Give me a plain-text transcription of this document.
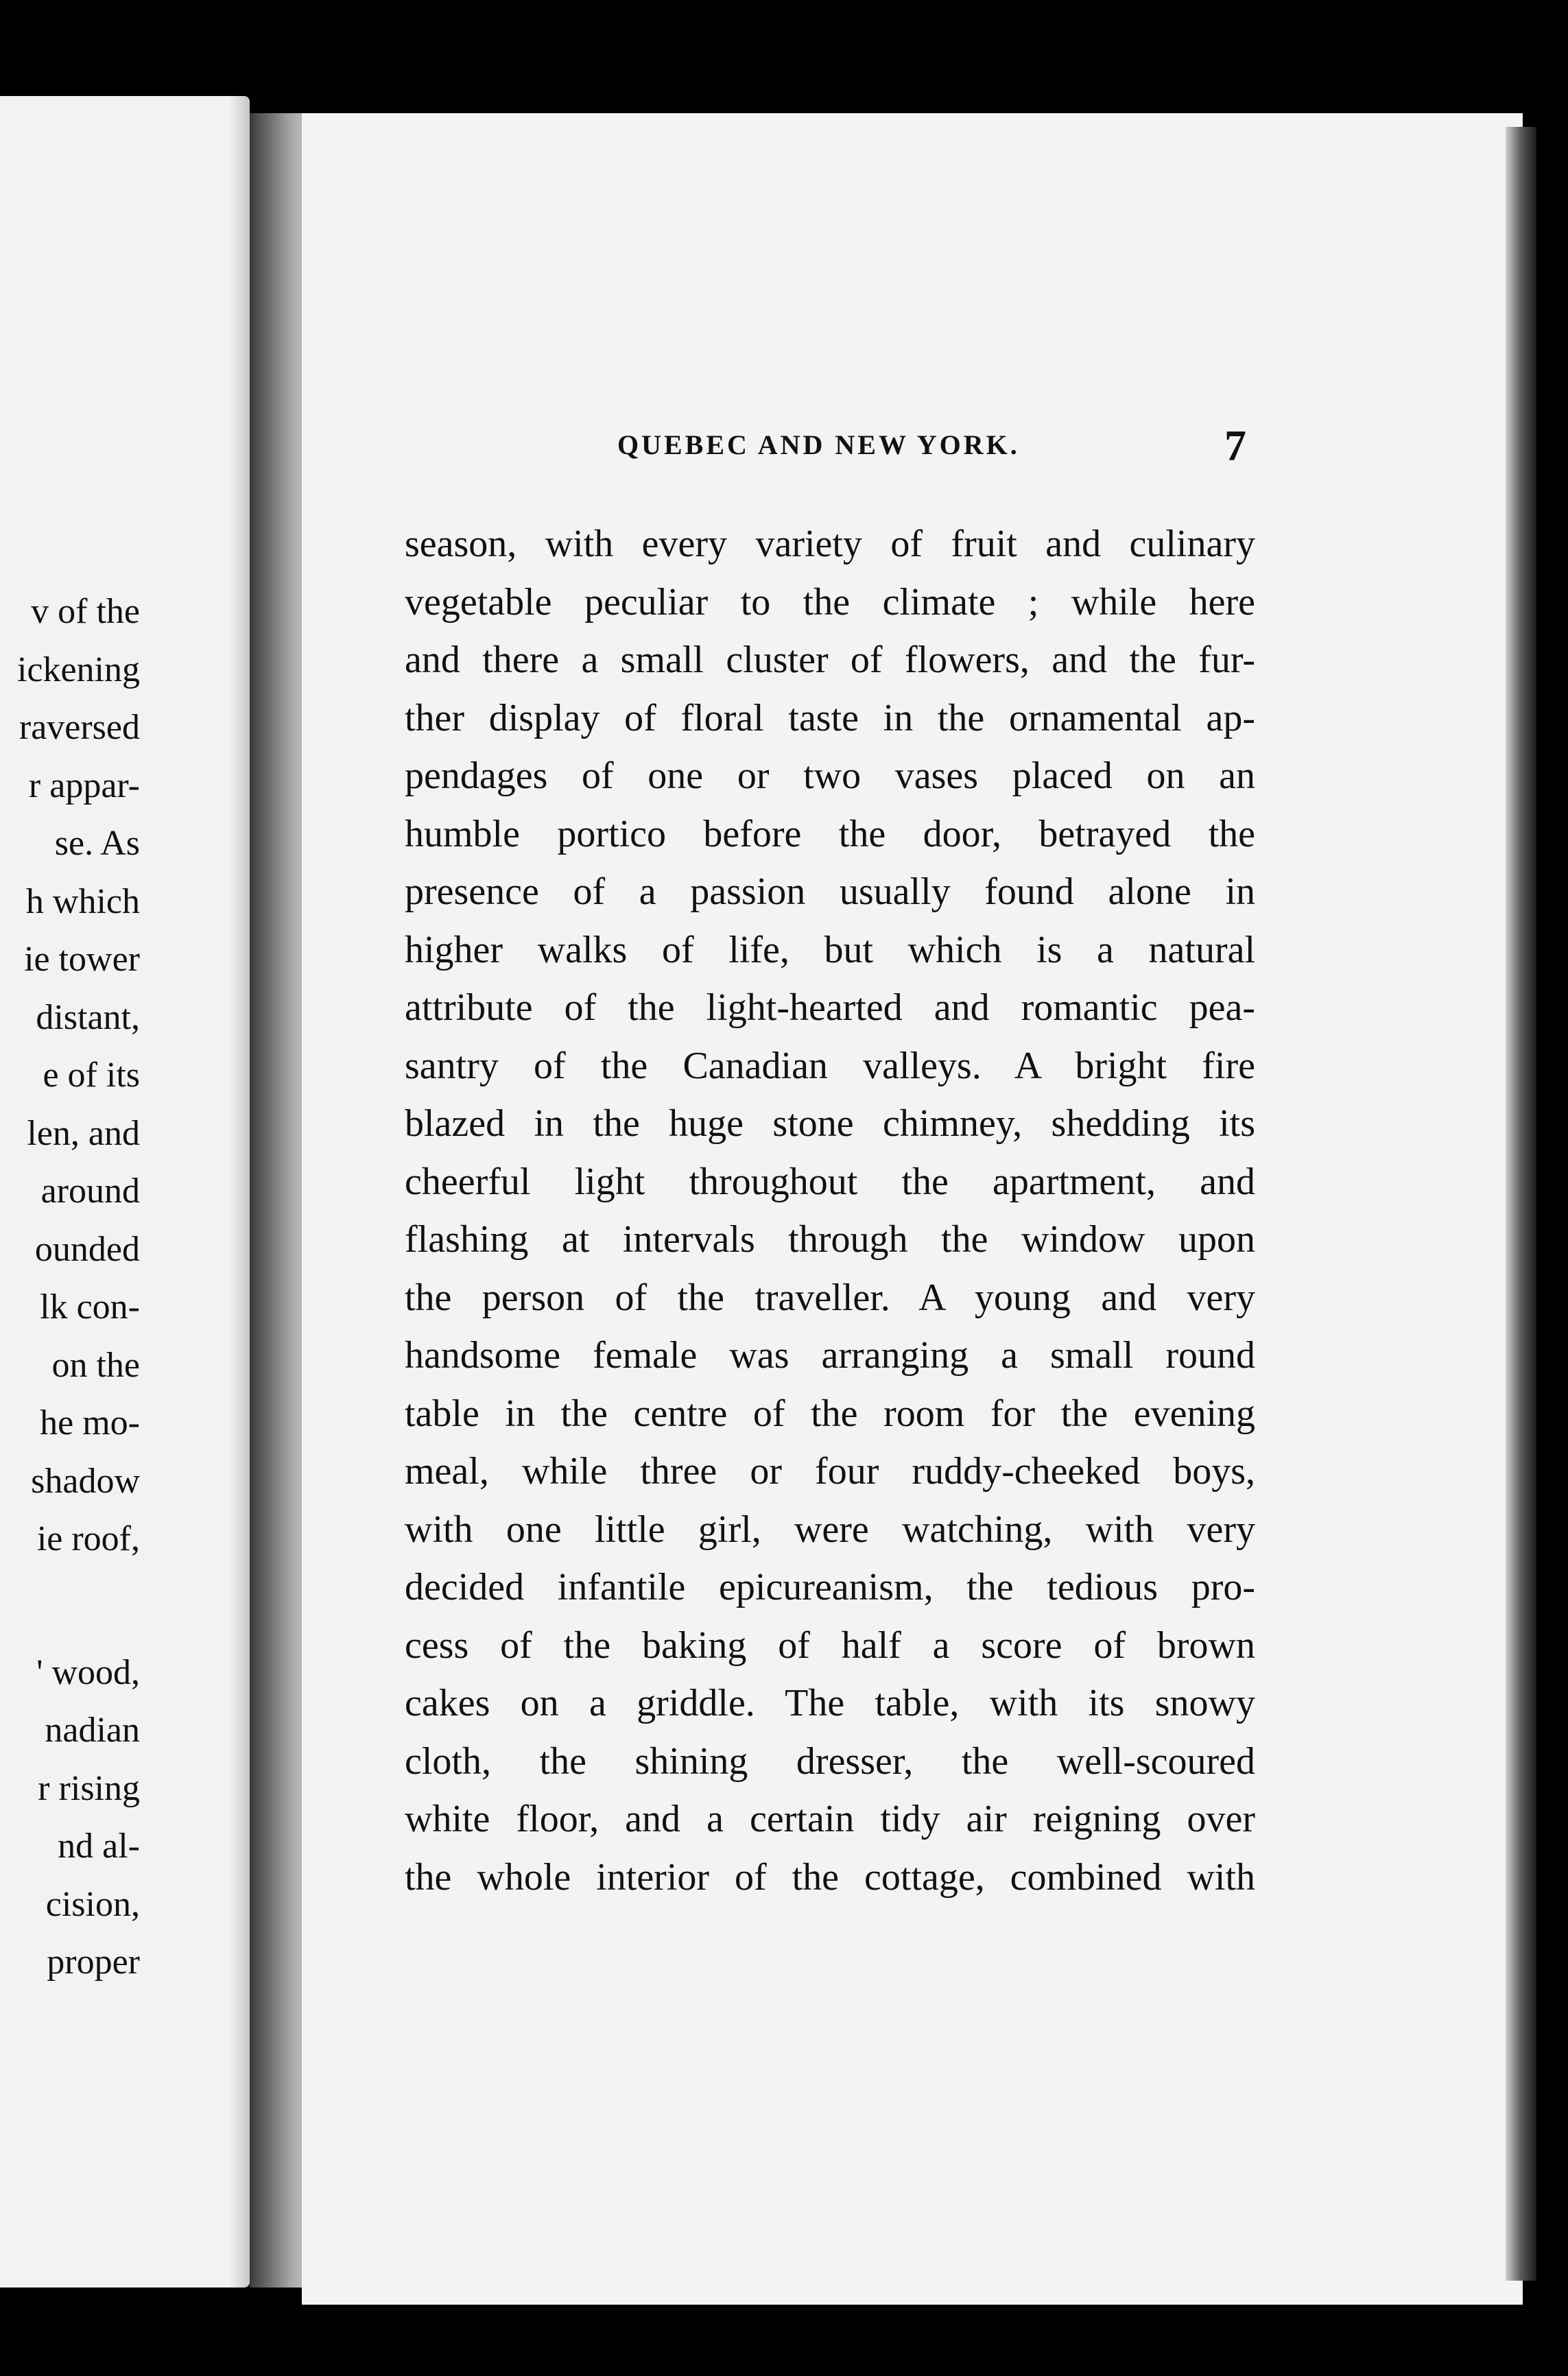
v of the
ickening
raversed
r appar-
se. As
h which
ie tower
distant,
e of its
len, and
around
ounded
lk con-
on the
he mo-
shadow
ie roof,
' wood,
nadian
r rising
nd al-
cision,
proper
QUEBEC AND NEW YORK.	7
season, with every variety of fruit and culinary
vegetable peculiar to the climate ; while here
and there a small cluster of flowers, and the fur-
ther display of floral taste in the ornamental ap-
pendages of one or two vases placed on an
humble portico before the door, betrayed the
presence of a passion usually found alone in
higher walks of life, but which is a natural
attribute of the light-hearted and romantic pea-
santry of the Canadian valleys. A bright fire
blazed in the huge stone chimney, shedding its
cheerful light throughout the apartment, and
flashing at intervals through the window upon
the person of the traveller. A young and very
handsome female was arranging a small round
table in the centre of the room for the evening
meal, while three or four ruddy-cheeked boys,
with one little girl, were watching, with very
decided infantile epicureanism, the tedious pro-
cess of the baking of half a score of brown
cakes on a griddle. The table, with its snowy
cloth, the shining dresser, the well-scoured
white floor, and a certain tidy air reigning over
the whole interior of the cottage, combined with
